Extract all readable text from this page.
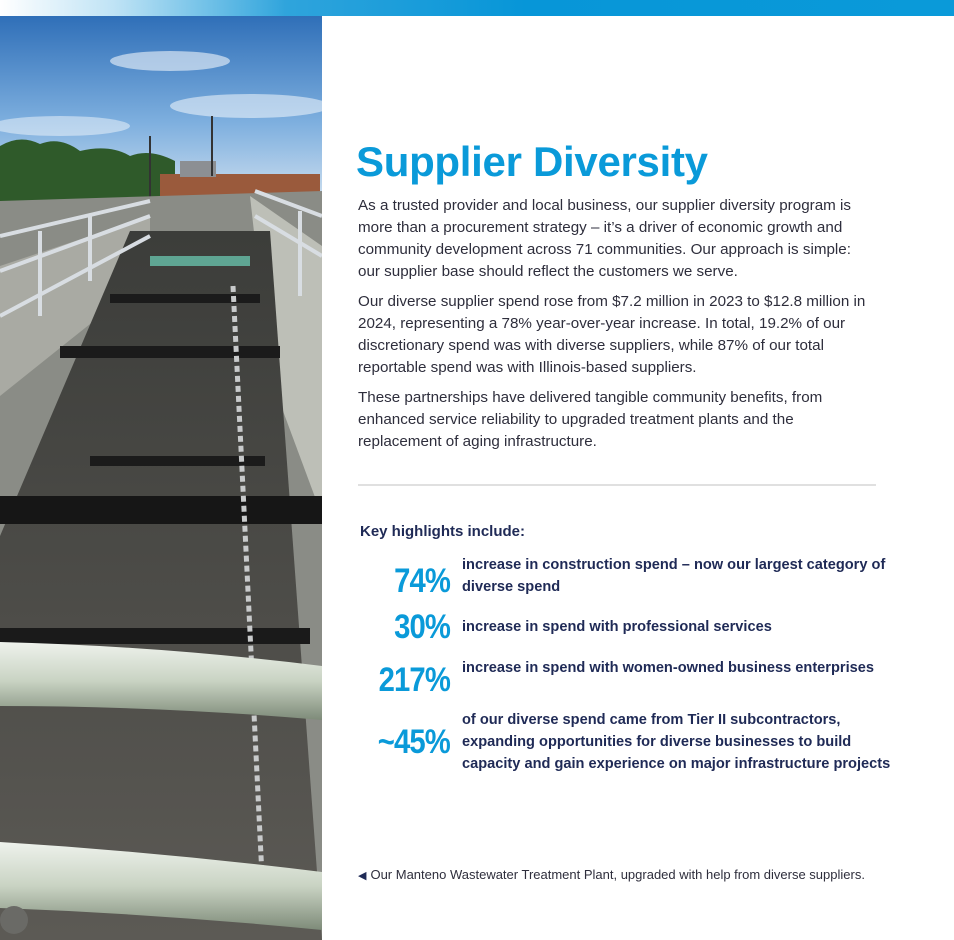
Supplier Diversity

As a trusted provider and local business, our supplier diversity program is more than a procurement strategy – it’s a driver of economic growth and community development across 71 communities. Our approach is simple: our supplier base should reflect the customers we serve.

Our diverse supplier spend rose from $7.2 million in 2023 to $12.8 million in 2024, representing a 78% year-over-year increase. In total, 19.2% of our discretionary spend was with diverse suppliers, while 87% of our total reportable spend was with Illinois-based suppliers.

These partnerships have delivered tangible community benefits, from enhanced service reliability to upgraded treatment plants and the replacement of aging infrastructure.

Key highlights include:
74% increase in construction spend – now our largest category of diverse spend

30% increase in spend with professional services

217% increase in spend with women-owned business enterprises

~45%

of our diverse spend came from Tier II subcontractors, expanding opportunities for diverse businesses to build capacity and gain experience on major infrastructure projects

◀ Our Manteno Wastewater Treatment Plant, upgraded with help from diverse suppliers.
